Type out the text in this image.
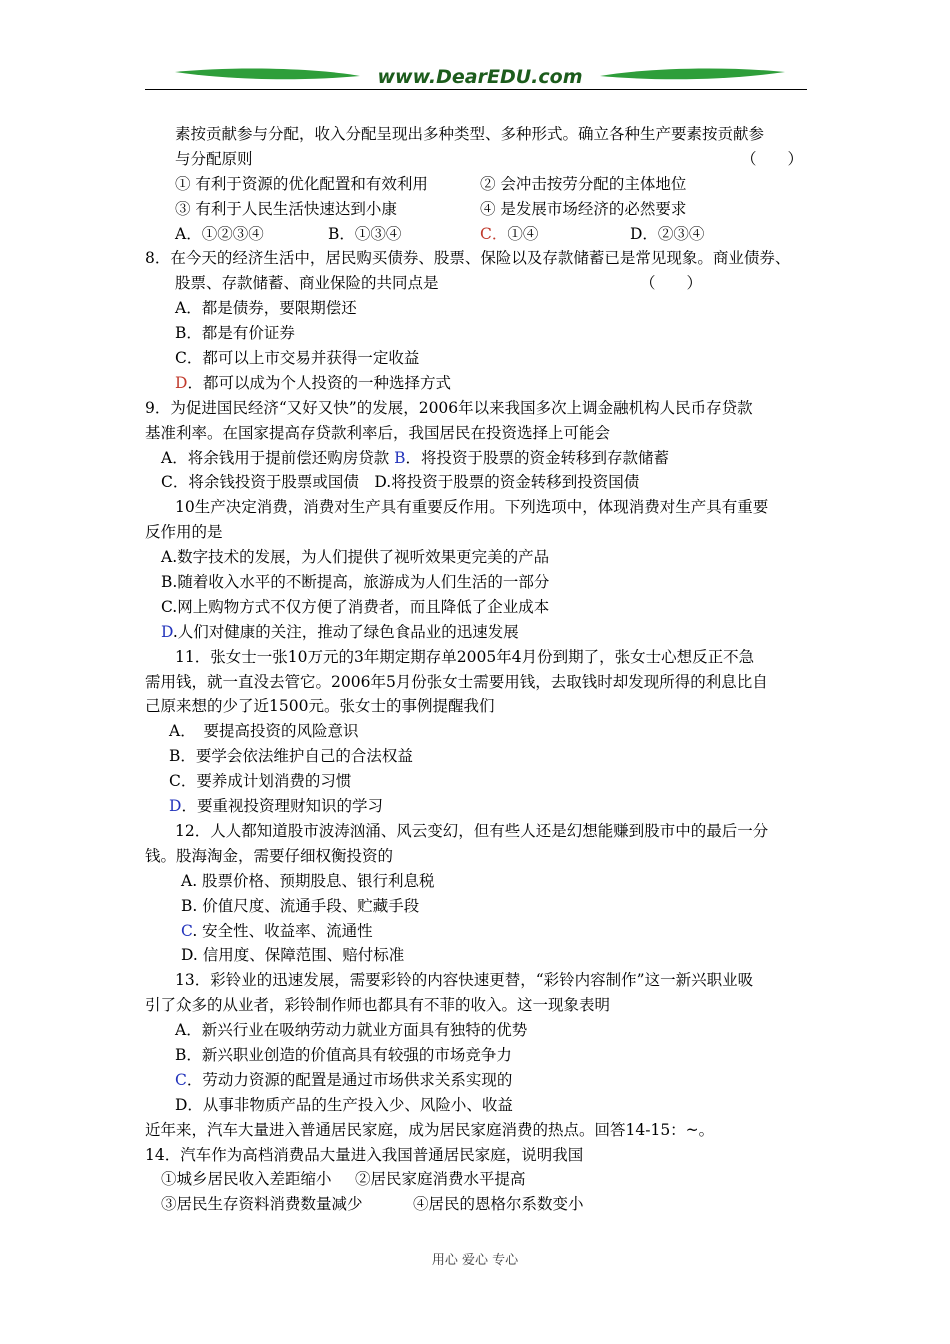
www.DearEDU.com
素按贡献参与分配，收入分配呈现出多种类型、多种形式。确立各种生产要素按贡献参
与分配原则	（　　）
① 有利于资源的优化配置和有效利用	② 会冲击按劳分配的主体地位
③ 有利于人民生活快速达到小康	④ 是发展市场经济的必然要求
A．①②③④	B．①③④	C．①④	D．②③④
8．在今天的经济生活中，居民购买债券、股票、保险以及存款储蓄已是常见现象。商业债券、
股票、存款储蓄、商业保险的共同点是	（　　）
A．都是债券，要限期偿还
B．都是有价证券
C．都可以上市交易并获得一定收益
D．都可以成为个人投资的一种选择方式
9．为促进国民经济“又好又快”的发展，2006年以来我国多次上调金融机构人民币存贷款
基准利率。在国家提高存贷款利率后，我国居民在投资选择上可能会
A．将余钱用于提前偿还购房贷款 B．将投资于股票的资金转移到存款储蓄
C．将余钱投资于股票或国债　 D.将投资于股票的资金转移到投资国债
10生产决定消费，消费对生产具有重要反作用。下列选项中，体现消费对生产具有重要
反作用的是
A.数字技术的发展，为人们提供了视听效果更完美的产品
B.随着收入水平的不断提高，旅游成为人们生活的一部分
C.网上购物方式不仅方便了消费者，而且降低了企业成本
D.人们对健康的关注，推动了绿色食品业的迅速发展
11．张女士一张10万元的3年期定期存单2005年4月份到期了，张女士心想反正不急
需用钱，就一直没去管它。2006年5月份张女士需要用钱，去取钱时却发现所得的利息比自
己原来想的少了近1500元。张女士的事例提醒我们
A．　要提高投资的风险意识
B．要学会依法维护自己的合法权益
C．要养成计划消费的习惯
D．要重视投资理财知识的学习
12．人人都知道股市波涛汹涌、风云变幻，但有些人还是幻想能赚到股市中的最后一分
钱。股海淘金，需要仔细权衡投资的
A. 股票价格、预期股息、银行利息税
B. 价值尺度、流通手段、贮藏手段
C. 安全性、收益率、流通性
D. 信用度、保障范围、赔付标准
13．彩铃业的迅速发展，需要彩铃的内容快速更替，“彩铃内容制作”这一新兴职业吸
引了众多的从业者，彩铃制作师也都具有不菲的收入。这一现象表明
A．新兴行业在吸纳劳动力就业方面具有独特的优势
B．新兴职业创造的价值高具有较强的市场竞争力
C．劳动力资源的配置是通过市场供求关系实现的
D．从事非物质产品的生产投入少、风险小、收益
近年来，汽车大量进入普通居民家庭，成为居民家庭消费的热点。回答14-15：~。
14．汽车作为高档消费品大量进入我国普通居民家庭，说明我国
①城乡居民收入差距缩小 ②居民家庭消费水平提高
③居民生存资料消费数量减少	④居民的恩格尔系数变小
用心 爱心 专心
